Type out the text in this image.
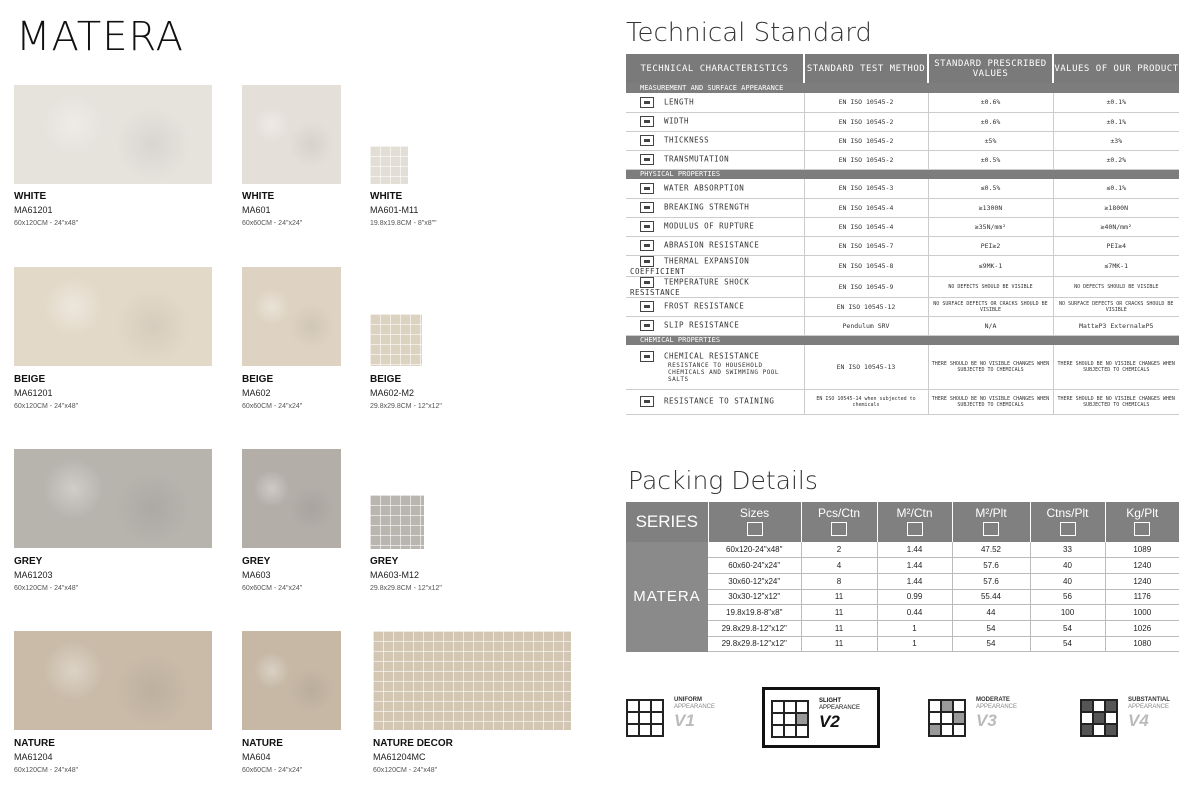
MATERA
WHITE
MA61201
60x120CM - 24"x48"
WHITE
MA601
60x60CM - 24"x24"
WHITE
MA601-M11
19.8x19.8CM - 8"x8""
BEIGE
MA61201
60x120CM - 24"x48"
BEIGE
MA602
60x60CM - 24"x24"
BEIGE
MA602-M2
29.8x29.8CM - 12"x12"
GREY
MA61203
60x120CM - 24"x48"
GREY
MA603
60x60CM - 24"x24"
GREY
MA603-M12
29.8x29.8CM - 12"x12"
NATURE
MA61204
60x120CM - 24"x48"
NATURE
MA604
60x60CM - 24"x24"
NATURE DECOR
MA61204MC
60x120CM - 24"x48"
Technical Standard
TECHNICAL CHARACTERISTICS	STANDARD TEST METHOD	STANDARD PRESCRIBED VALUES	VALUES OF OUR PRODUCT
MEASUREMENT AND SURFACE APPEARANCE			
LENGTH	EN ISO 10545-2	±0.6%	±0.1%
WIDTH	EN ISO 10545-2	±0.6%	±0.1%
THICKNESS	EN ISO 10545-2	±5%	±3%
TRANSMUTATION	EN ISO 10545-2	±0.5%	±0.2%
PHYSICAL PROPERTIES			
WATER ABSORPTION	EN ISO 10545-3	≤0.5%	≤0.1%
BREAKING STRENGTH	EN ISO 10545-4	≥1300N	≥1800N
MODULUS OF RUPTURE	EN ISO 10545-4	≥35N/mm²	≥40N/mm²
ABRASION RESISTANCE	EN ISO 10545-7	PEI≥2	PEI≥4
THERMAL EXPANSION COEFFICIENT	EN ISO 10545-8	≤9MK-1	≤7MK-1
TEMPERATURE SHOCK RESISTANCE	EN ISO 10545-9	NO DEFECTS SHOULD BE VISIBLE	NO DEFECTS SHOULD BE VISIBLE
FROST RESISTANCE	EN ISO 10545-12	NO SURFACE DEFECTS OR CRACKS SHOULD BE VISIBLE	NO SURFACE DEFECTS OR CRACKS SHOULD BE VISIBLE
SLIP RESISTANCE	Pendulum SRV	N/A	Matt≥P3 External≥P5
CHEMICAL PROPERTIES			
CHEMICAL RESISTANCE
RESISTANCE TO HOUSEHOLD CHEMICALS AND SWIMMING POOL SALTS	EN ISO 10545-13	THERE SHOULD BE NO VISIBLE CHANGES WHEN SUBJECTED TO CHEMICALS	THERE SHOULD BE NO VISIBLE CHANGES WHEN SUBJECTED TO CHEMICALS
RESISTANCE TO STAINING	EN ISO 10545-14 when subjected to chemicals	THERE SHOULD BE NO VISIBLE CHANGES WHEN SUBJECTED TO CHEMICALS	THERE SHOULD BE NO VISIBLE CHANGES WHEN SUBJECTED TO CHEMICALS
Packing Details
SERIES	Sizes	Pcs/Ctn	M²/Ctn	M²/Plt	Ctns/Plt	Kg/Plt

MATERA	60x120-24"x48"	2	1.44	47.52	33	1089
	60x60-24"x24"	4	1.44	57.6	40	1240
	30x60-12"x24"	8	1.44	57.6	40	1240
	30x30-12"x12"	11	0.99	55.44	56	1176
	19.8x19.8-8"x8"	11	0.44	44	100	1000
	29.8x29.8-12"x12"	11	1	54	54	1026
	29.8x29.8-12"x12"	11	1	54	54	1080
UNIFORM
APPEARANCE
V1
SLIGHT
APPEARANCE
V2
MODERATE
APPEARANCE
V3
SUBSTANTIAL
APPEARANCE
V4
